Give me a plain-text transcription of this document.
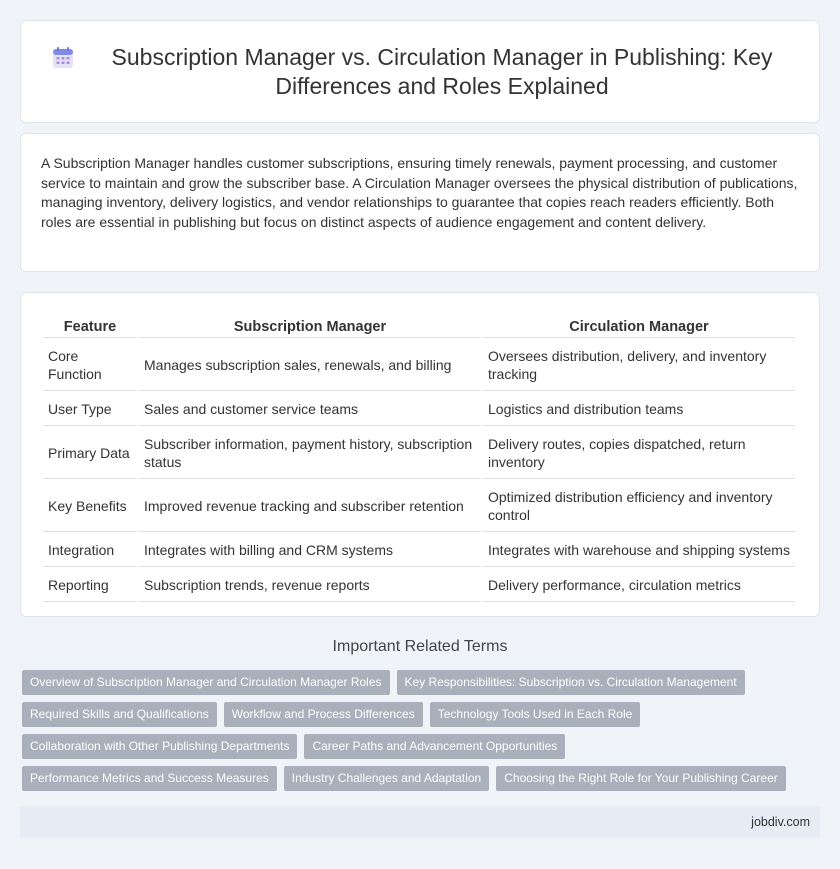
Subscription Manager vs. Circulation Manager in Publishing: Key Differences and Roles Explained

A Subscription Manager handles customer subscriptions, ensuring timely renewals, payment processing, and customer service to maintain and grow the subscriber base. A Circulation Manager oversees the physical distribution of publications, managing inventory, delivery logistics, and vendor relationships to guarantee that copies reach readers efficiently. Both roles are essential in publishing but focus on distinct aspects of audience engagement and content delivery.

Feature	Subscription Manager	Circulation Manager
Core Function	Manages subscription sales, renewals, and billing	Oversees distribution, delivery, and inventory tracking
User Type	Sales and customer service teams	Logistics and distribution teams
Primary Data	Subscriber information, payment history, subscription status	Delivery routes, copies dispatched, return inventory
Key Benefits	Improved revenue tracking and subscriber retention	Optimized distribution efficiency and inventory control
Integration	Integrates with billing and CRM systems	Integrates with warehouse and shipping systems
Reporting	Subscription trends, revenue reports	Delivery performance, circulation metrics
Important Related Terms
Overview of Subscription Manager and Circulation Manager Roles	Key Responsibilities: Subscription vs. Circulation Management
Required Skills and Qualifications	Workflow and Process Differences	Technology Tools Used in Each Role
Collaboration with Other Publishing Departments	Career Paths and Advancement Opportunities
Performance Metrics and Success Measures	Industry Challenges and Adaptation	Choosing the Right Role for Your Publishing Career
jobdiv.com
